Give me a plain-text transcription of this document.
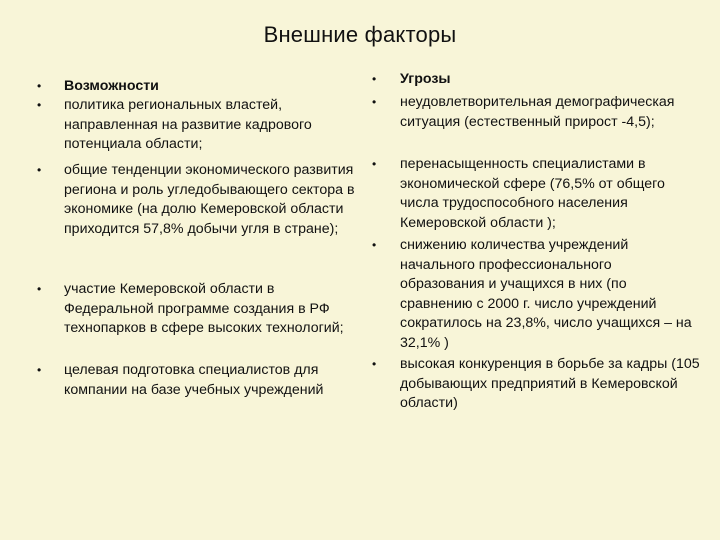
Внешние факторы
• Возможности
• политика региональных властей, направленная на развитие кадрового потенциала области;
• общие тенденции экономического развития региона и роль угледобывающего сектора в экономике (на долю Кемеровской области приходится 57,8% добычи угля в стране);
• участие Кемеровской области в Федеральной программе создания в РФ технопарков в сфере высоких технологий;
• целевая подготовка специалистов для компании на базе учебных учреждений
• Угрозы
• неудовлетворительная демографическая ситуация (естественный прирост -4,5);
• перенасыщенность специалистами в экономической сфере (76,5% от общего числа трудоспособного населения Кемеровской области );
• снижению количества учреждений начального профессионального образования и учащихся в них (по сравнению с 2000 г. число учреждений сократилось на 23,8%, число учащихся – на 32,1% )
• высокая конкуренция в борьбе за кадры (105 добывающих предприятий в Кемеровской области)
